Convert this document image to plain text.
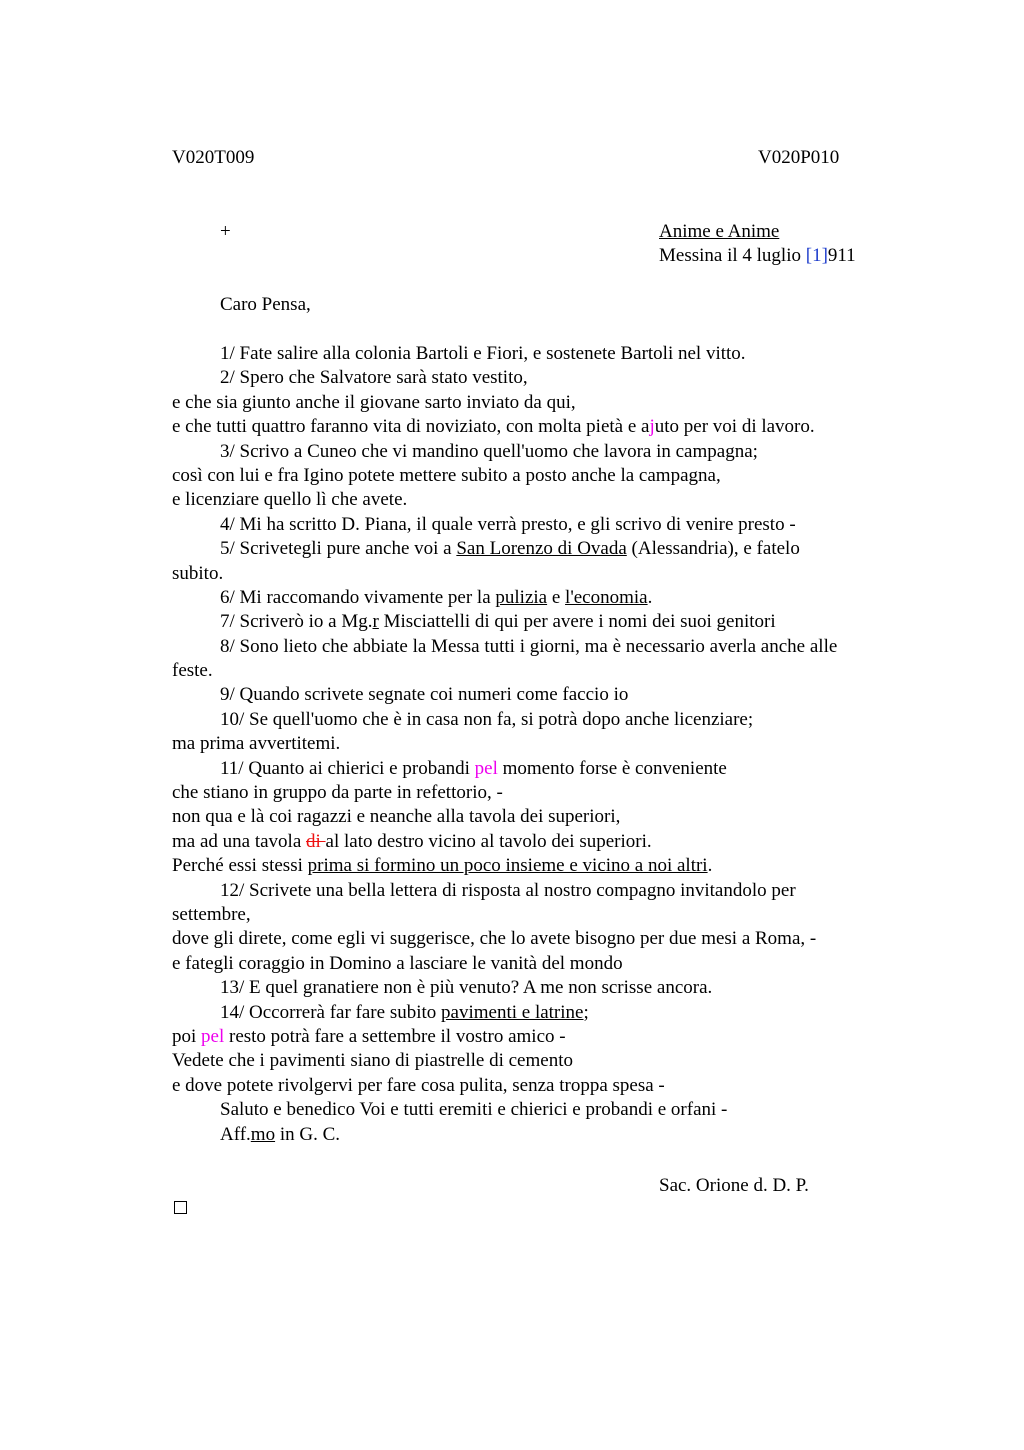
V020T009	V020P010
+	Anime e Anime
Messina il 4 luglio [1]911
Caro Pensa,
1/ Fate salire alla colonia Bartoli e Fiori, e sostenete Bartoli nel vitto.
2/ Spero che Salvatore sarà stato vestito,
e che sia giunto anche il giovane sarto inviato da qui,
e che tutti quattro faranno vita di noviziato, con molta pietà e ajuto per voi di lavoro.
3/ Scrivo a Cuneo che vi mandino quell'uomo che lavora in campagna;
così con lui e fra Igino potete mettere subito a posto anche la campagna,
e licenziare quello lì che avete.
4/ Mi ha scritto D. Piana, il quale verrà presto, e gli scrivo di venire presto -
5/ Scrivetegli pure anche voi a San Lorenzo di Ovada (Alessandria), e fatelo
subito.
6/ Mi raccomando vivamente per la pulizia e l'economia.
7/ Scriverò io a Mg.r Misciattelli di qui per avere i nomi dei suoi genitori
8/ Sono lieto che abbiate la Messa tutti i giorni, ma è necessario averla anche alle
feste.
9/ Quando scrivete segnate coi numeri come faccio io
10/ Se quell'uomo che è in casa non fa, si potrà dopo anche licenziare;
ma prima avvertitemi.
11/ Quanto ai chierici e probandi pel momento forse è conveniente
che stiano in gruppo da parte in refettorio, -
non qua e là coi ragazzi e neanche alla tavola dei superiori,
ma ad una tavola di al lato destro vicino al tavolo dei superiori.
Perché essi stessi prima si formino un poco insieme e vicino a noi altri.
12/ Scrivete una bella lettera di risposta al nostro compagno invitandolo per
settembre,
dove gli direte, come egli vi suggerisce, che lo avete bisogno per due mesi a Roma, -
e fategli coraggio in Domino a lasciare le vanità del mondo
13/ E quel granatiere non è più venuto? A me non scrisse ancora.
14/ Occorrerà far fare subito pavimenti e latrine;
poi pel resto potrà fare a settembre il vostro amico -
Vedete che i pavimenti siano di piastrelle di cemento
e dove potete rivolgervi per fare cosa pulita, senza troppa spesa -
Saluto e benedico Voi e tutti eremiti e chierici e probandi e orfani -
Aff.mo in G. C.
Sac. Orione d. D. P.
